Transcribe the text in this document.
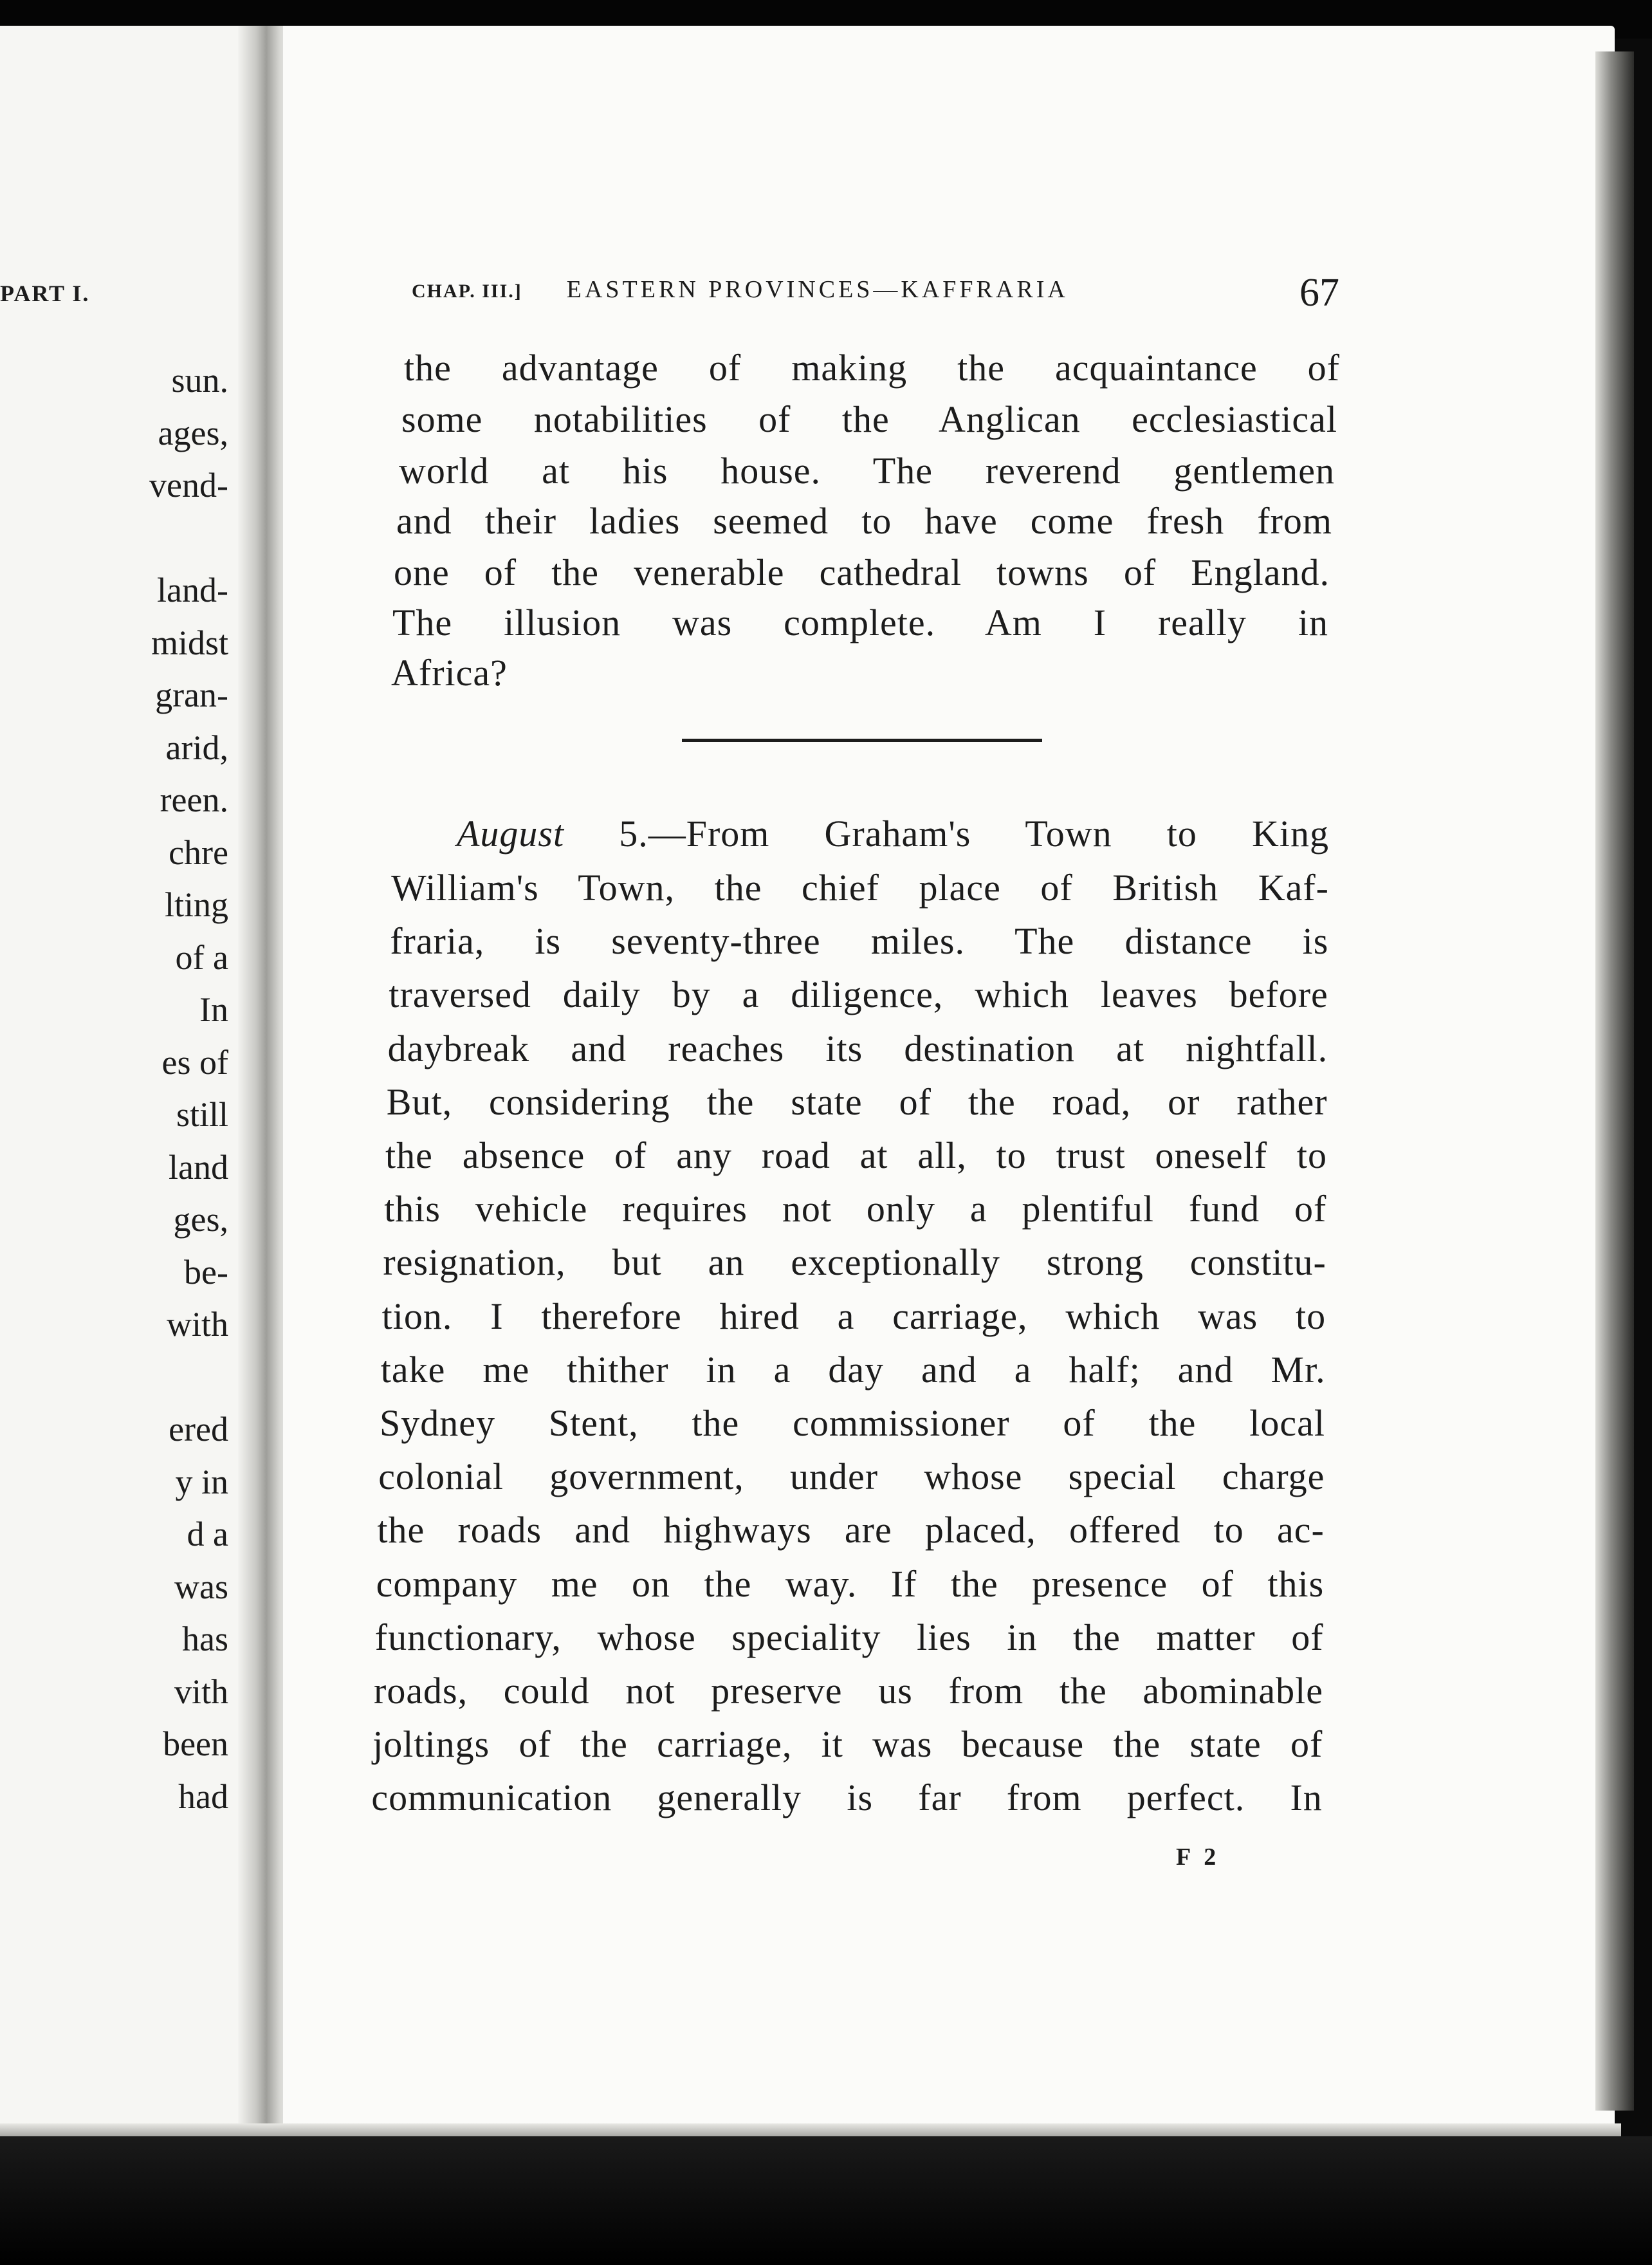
PART I.
sun.
ages,
vend-
land-
midst
gran-
arid,
reen.
chre
lting
of a
In
es of
still
land
ges,
be-
with
ered
y in
d a
was
has
vith
been
had
CHAP. III.] EASTERN PROVINCES—KAFFRARIA	67
the advantage of making the acquaintance of
some notabilities of the Anglican ecclesiastical
world at his house. The reverend gentlemen
and their ladies seemed to have come fresh from
one of the venerable cathedral towns of England.
The illusion was complete. Am I really in
Africa?
August 5.—From Graham's Town to King
William's Town, the chief place of British Kaf-
fraria, is seventy-three miles. The distance is
traversed daily by a diligence, which leaves before
daybreak and reaches its destination at nightfall.
But, considering the state of the road, or rather
the absence of any road at all, to trust oneself to
this vehicle requires not only a plentiful fund of
resignation, but an exceptionally strong constitu-
tion. I therefore hired a carriage, which was to
take me thither in a day and a half; and Mr.
Sydney Stent, the commissioner of the local
colonial government, under whose special charge
the roads and highways are placed, offered to ac-
company me on the way. If the presence of this
functionary, whose speciality lies in the matter of
roads, could not preserve us from the abominable
joltings of the carriage, it was because the state of
communication generally is far from perfect. In
F 2
